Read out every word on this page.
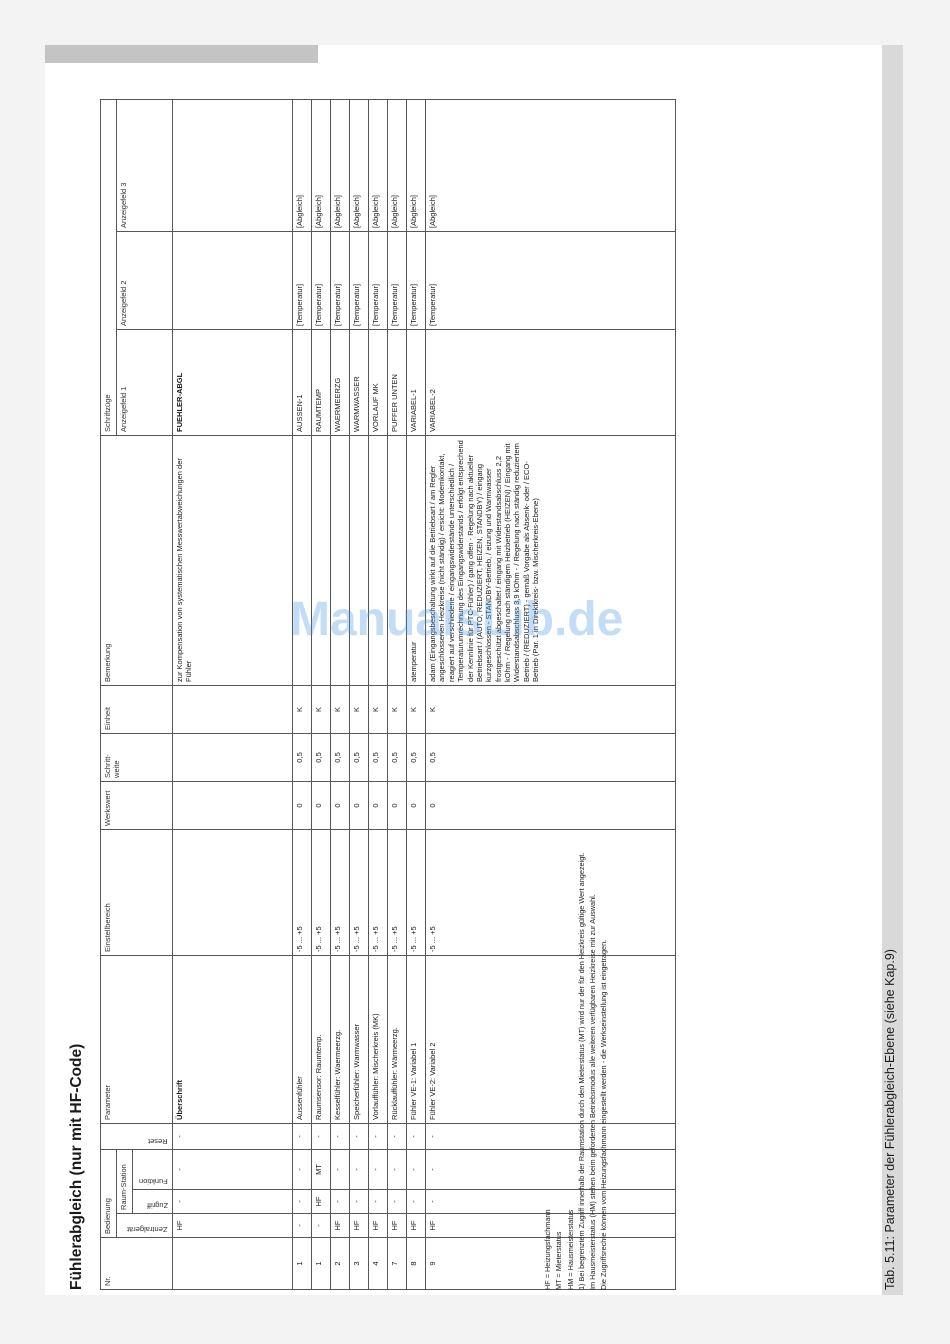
Tab. 5.11: Parameter der Fühlerabgleich-Ebene (siehe Kap.9)
Fühlerabgleich (nur mit HF-Code) Nr.	Bedienung			Reset	Parameter	Einstellbereich	Werkswert	Schritt-weite	Einheit	Bemerkung	Schriftzüge		
	Zentralgerät	Raum-Station									Anzeigefeld 1	Anzeigefeld 2	Anzeigefeld 3
		Zugriff	Funktion										
	HF	-	-	-	Überschrift					zur Kompensation von systematischen Messwertabweichungen der Fühler	FUEHLER-ABGL		
1	-	-	-	-	Aussenfühler	-5 ... +5	0	0,5	K		AUSSEN-1	[Temperatur]	[Abgleich]
1	-	HF	MT	-	Raumsensor: Raumtemp.	-5 ... +5	0	0,5	K		RAUMTEMP	[Temperatur]	[Abgleich]
2	HF	-	-	-	Kesselfühler: Waermeerzg.	-5 ... +5	0	0,5	K		WAERMEERZG	[Temperatur]	[Abgleich]
3	HF	-	-	-	Speicherfühler: Warmwasser	-5 ... +5	0	0,5	K		WARMWASSER	[Temperatur]	[Abgleich]
4	HF	-	-	-	Vorlauffühler: Mischerkreis (MK)	-5 ... +5	0	0,5	K		VORLAUF MK	[Temperatur]	[Abgleich]
7	HF	-	-	-	Rücklauffühler: Wärmeerzg.	-5 ... +5	0	0,5	K		PUFFER UNTEN	[Temperatur]	[Abgleich]
8	HF	-	-	-	Fühler VE-1: Variabel 1	-5 ... +5	0	0,5	K	atemperatur	VARIABEL-1	[Temperatur]	[Abgleich]
9	HF	-	-	-	Fühler VE-2: Variabel 2	-5 ... +5	0	0,5	K	adam (Eingangsbeschaltung wirkt auf die Betriebsart / am Regler angeschlossenen Heizkreise (nicht ständig) / ersicht: Modemkontakt, reagiert auf verschiedene / eingangswiderstände unterschiedlich / Temperaturumrechnung des Eingangswiderstands / erfolgt entsprechend der Kennlinie für PTC-Fühler) / gang offen - Regelung nach aktueller Betriebsart / (AUTO, REDUZIERT, HEIZEN, STANDBY) / eingang kurzgeschlossen - STANDBY-Betrieb, / eizung und Warmwasser frostgeschützt abgeschaltet / eingang mit Widerstandsabschluss 2,2 kOhm - / Regelung nach ständigem Heizbetrieb (HEIZEN) / Eingang mit Widerstandsabschluss 3,9 kOhm - / Regelung nach ständig reduziertem Betrieb / (REDUZIERT) - gemäß Vorgabe als Absenk- oder / ECO-Betrieb (Par. 1 in Direktkreis- bzw. Mischerkreis-Ebene)	VARIABEL-2	[Temperatur]	[Abgleich]
HF = Heizungsfachmann MT = Mieterstatus HM = Hausmeisterstatus 1) Bei begrenztem Zugriff innerhalb der Raumstation durch den Mieterstatus (MT) wird nur der für den Heizkreis gültige Wert angezeigt. Im Hausmeisterstatus (HM) stehen beim geforderten Betriebsmodus alle weiteren verfügbaren Heizkreise mit zur Auswahl. Die Zugriffsrechte können vom Heizungsfachmann eingestellt werden - die Werkseinstellung ist eingetragen.
ManualsLib.de
